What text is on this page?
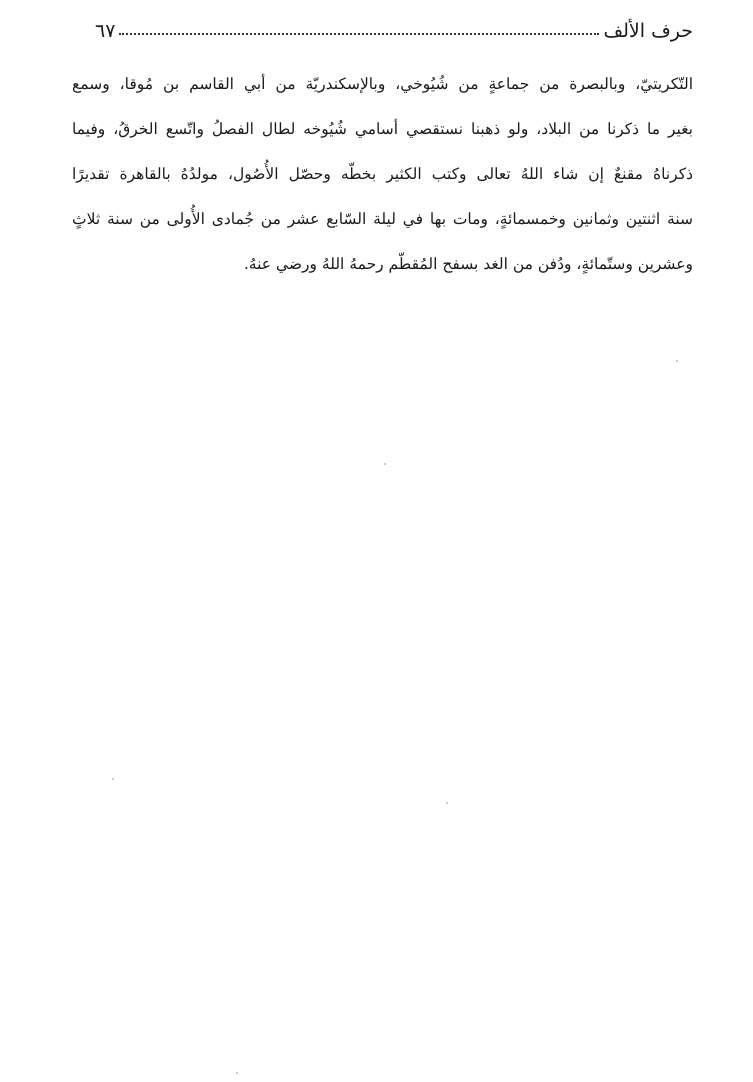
حرف الألف
٦٧
التّكريتيّ، وبالبصرة من جماعةٍ من شُيُوخي، وبالإسكندريّة من أبي القاسم بن مُوقا، وسمع
بغير ما ذكرنا من البلاد، ولو ذهبنا نستقصي أسامي شُيُوخه لطال الفصلُ واتّسع الخرقُ، وفيما
ذكرناهُ مقنعٌ إن شاء اللهُ تعالى وكتب الكثير بخطّه وحصّل الأُصُول، مولدُهُ بالقاهرة تقديرًا
سنة اثنتين وثمانين وخمسمائةٍ، ومات بها في ليلة السّابع عشر من جُمادى الأُولى من سنة ثلاثٍ
وعشرين وستّمائةٍ، ودُفن من الغد بسفح المُقطّم رحمهُ اللهُ ورضي عنهُ.
